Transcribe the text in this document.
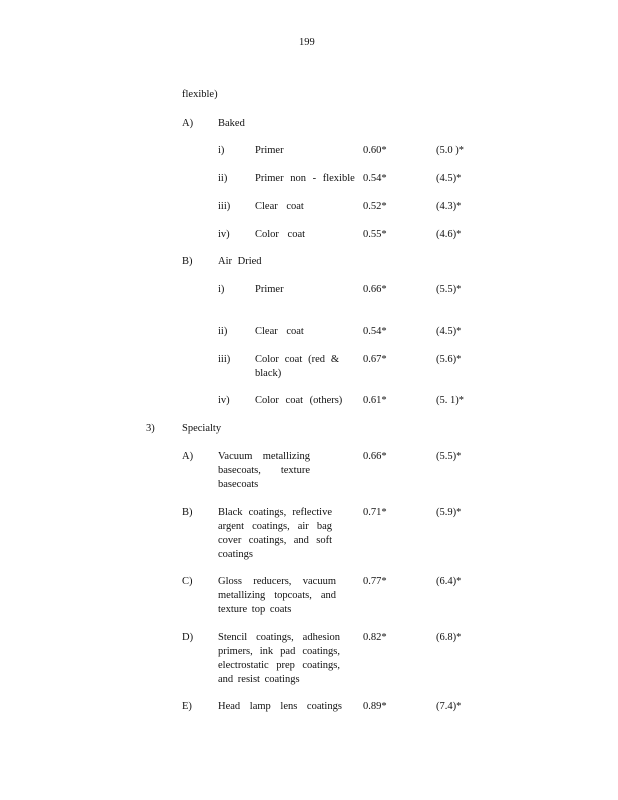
199
flexible)
A) Baked
i)	Primer	0.60*	(5.0 )*
ii)	Primer non - flexible 0.54*	(4.5)*
iii) Clear coat	0.52*	(4.3)*
iv) Color coat	0.55*	(4.6)*
B) Air Dried
i)	Primer	0.66*	(5.5)*
ii)	Clear coat	0.54*	(4.5)*
iii) Color coat (red & black)
0.67*	(5.6)*
iv) Color coat (others) 0.61*	(5. 1)*
3)	Specialty
A) Vacuum metallizing basecoats, texture basecoats
0.66*	(5.5)*
B) Black coatings, reflective argent coatings, air bag cover coatings, and soft coatings
0.71*	(5.9)*
C) Gloss reducers, vacuum metallizing topcoats, and texture top coats
0.77*	(6.4)*
D) Stencil coatings, adhesion primers, ink pad coatings, electrostatic prep coatings, and resist coatings
0.82*	(6.8)*
E) Head lamp lens coatings 0.89*	(7.4)*
